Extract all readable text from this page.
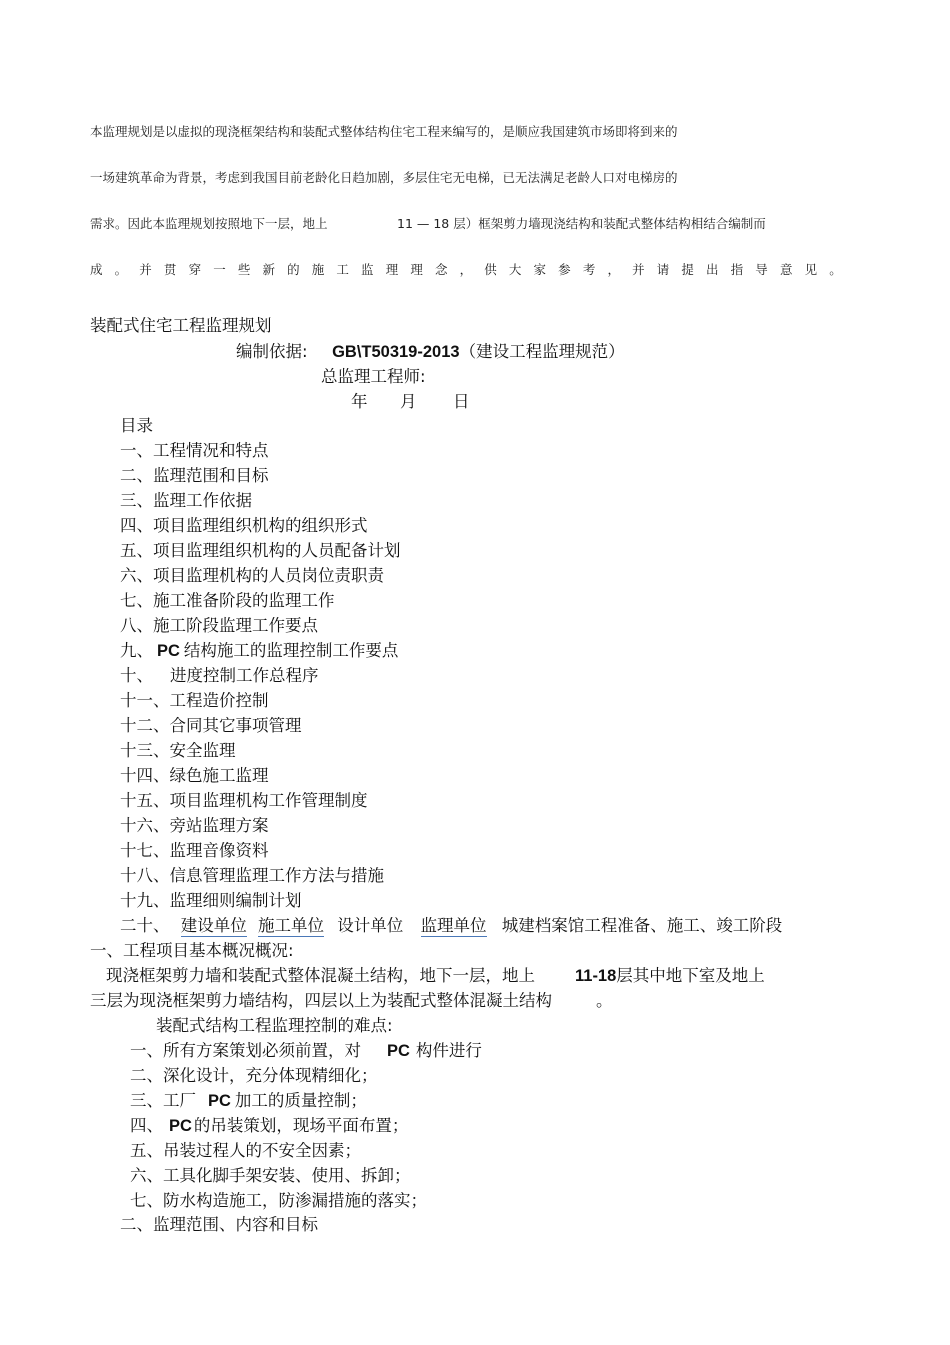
本监理规划是以虚拟的现浇框架结构和装配式整体结构住宅工程来编写的，是顺应我国建筑市场即将到来的
一场建筑革命为背景，考虑到我国目前老龄化日趋加剧，多层住宅无电梯，已无法满足老龄人口对电梯房的
需求。因此本监理规划按照地下一层，地上	11 — 18 层）框架剪力墙现浇结构和装配式整体结构相结合编制而
成 。 并 贯 穿 一 些 新 的 施 工 监 理 理 念 ， 供 大 家 参 考 ， 并 请 提 出 指 导 意 见 。
装配式住宅工程监理规划
编制依据: GB\T50319-2013（建设工程监理规范）
总监理工程师:
年 月 日
目录
一、工程情况和特点
二、监理范围和目标
三、监理工作依据
四、项目监理组织机构的组织形式
五、项目监理组织机构的人员配备计划
六、项目监理机构的人员岗位责职责
七、施工准备阶段的监理工作
八、施工阶段监理工作要点
九、 PC 结构施工的监理控制工作要点
十、 进度控制工作总程序
十一、工程造价控制
十二、合同其它事项管理
十三、安全监理
十四、绿色施工监理
十五、项目监理机构工作管理制度
十六、旁站监理方案
十七、监理音像资料
十八、信息管理监理工作方法与措施
十九、监理细则编制计划
二十、 建设单位 施工单位 设计单位 监理单位 城建档案馆工程准备、施工、竣工阶段
一、工程项目基本概况概况:
现浇框架剪力墙和装配式整体混凝土结构，地下一层，地上 11-18层其中地下室及地上
三层为现浇框架剪力墙结构，四层以上为装配式整体混凝土结构	。
装配式结构工程监理控制的难点:
一、所有方案策划必须前置，对 PC 构件进行
二、深化设计，充分体现精细化；
三、工厂 PC 加工的质量控制；
四、 PC 的吊装策划，现场平面布置；
五、吊装过程人的不安全因素；
六、工具化脚手架安装、使用、拆卸；
七、防水构造施工，防渗漏措施的落实；
二、监理范围、内容和目标
